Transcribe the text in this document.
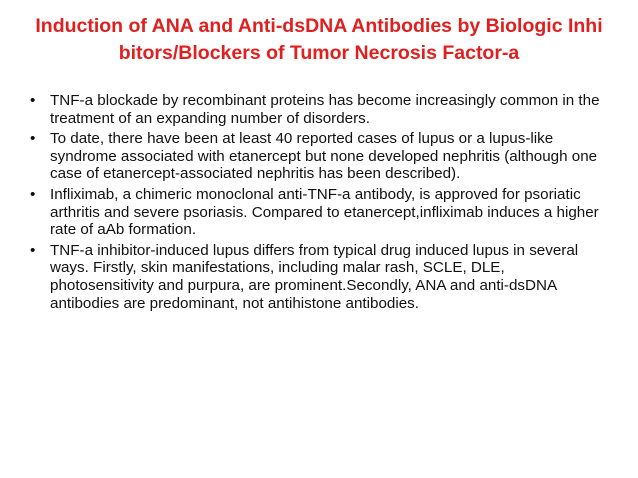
Induction of ANA and Anti-dsDNA Antibodies by Biologic Inhibitors/Blockers of Tumor Necrosis Factor-a
• TNF-a blockade by recombinant proteins has become increasingly common in the treatment of an expanding number of disorders.
• To date, there have been at least 40 reported cases of lupus or a lupus-like syndrome associated with etanercept but none developed nephritis (although one case of etanercept-associated nephritis has been described).
• Infliximab, a chimeric monoclonal anti-TNF-a antibody, is approved for psoriatic arthritis and severe psoriasis. Compared to etanercept,infliximab induces a higher rate of aAb formation.
• TNF-a inhibitor-induced lupus differs from typical drug induced lupus in several ways. Firstly, skin manifestations, including malar rash, SCLE, DLE, photosensitivity and purpura, are prominent.Secondly, ANA and anti-dsDNA antibodies are predominant, not antihistone antibodies.
